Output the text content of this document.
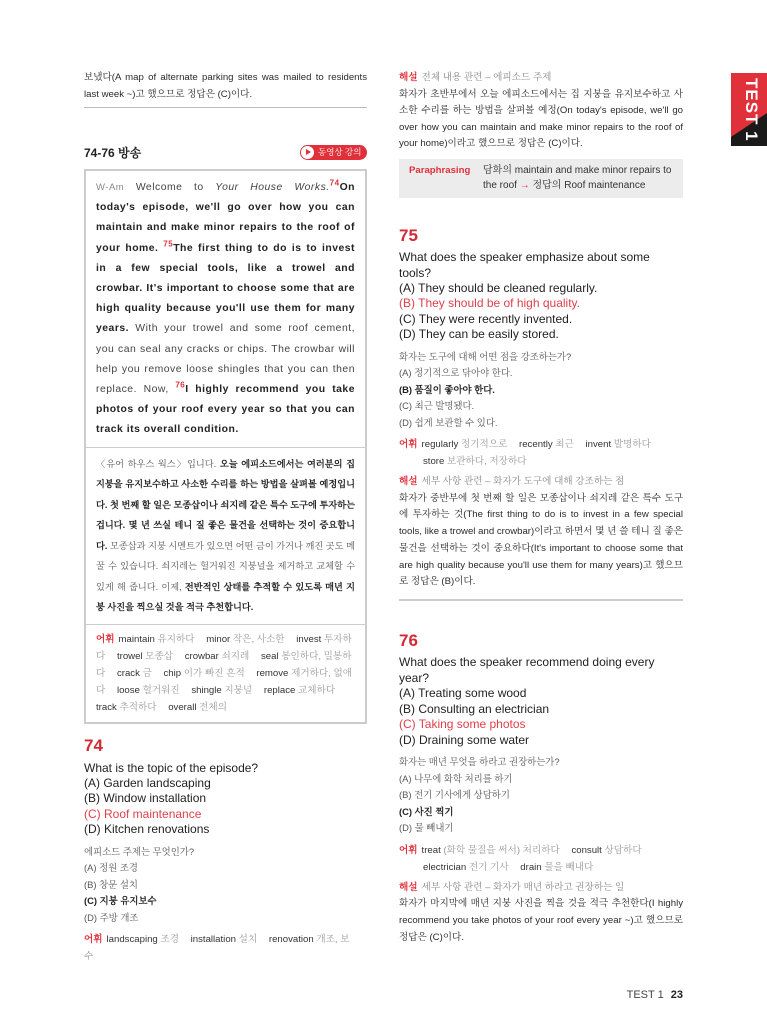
보냈다(A map of alternate parking sites was mailed to residents last week ~)고 했으므로 정답은 (C)이다.
74-76 방송	동영상 강의
W-Am Welcome to Your House Works.$^{74}$On today's episode, we'll go over how you can maintain and make minor repairs to the roof of your home. $^{75}$The first thing to do is to invest in a few special tools, like a trowel and crowbar. It's important to choose some that are high quality because you'll use them for many years. With your trowel and some roof cement, you can seal any cracks or chips. The crowbar will help you remove loose shingles that you can then replace. Now, $^{76}$I highly recommend you take photos of your roof every year so that you can track its overall condition.
〈유어 하우스 웍스〉입니다. 오늘 에피소드에서는 여러분의 집 지붕을 유지보수하고 사소한 수리를 하는 방법을 살펴볼 예정입니다. 첫 번째 할 일은 모종삽이나 쇠지레 같은 특수 도구에 투자하는 겁니다. 몇 년 쓰실 테니 질 좋은 물건을 선택하는 것이 중요합니다. 모종삽과 지붕 시멘트가 있으면 어떤 금이 가거나 깨진 곳도 메꿀 수 있습니다. 쇠지레는 헐거워진 지붕널을 제거하고 교체할 수 있게 해 줍니다. 이제, 전반적인 상태를 추적할 수 있도록 매년 지붕 사진을 찍으실 것을 적극 추천합니다.
어휘 maintain 유지하다 minor 작은, 사소한 invest 투자하다 trowel 모종삽 crowbar 쇠지레 seal 봉인하다, 밀봉하다 crack 금 chip 이가 빠진 흔적 remove 제거하다, 없애다 loose 헐거워진 shingle 지붕널 replace 교체하다 track 추적하다 overall 전체의
74
What is the topic of the episode?
(A) Garden landscaping
(B) Window installation
(C) Roof maintenance
(D) Kitchen renovations
에피소드 주제는 무엇인가?
(A) 정원 조경
(B) 창문 설치
(C) 지붕 유지보수
(D) 주방 개조
어휘 landscaping 조경 installation 설치 renovation 개조, 보수
해설 전체 내용 관련 – 에피소드 주제
화자가 초반부에서 오늘 에피소드에서는 집 지붕을 유지보수하고 사소한 수리를 하는 방법을 살펴볼 예정(On today's episode, we'll go over how you can maintain and make minor repairs to the roof of your home)이라고 했으므로 정답은 (C)이다.
Paraphrasing	담화의 maintain and make minor repairs to the roof → 정답의 Roof maintenance
75
What does the speaker emphasize about some tools?
(A) They should be cleaned regularly.
(B) They should be of high quality.
(C) They were recently invented.
(D) They can be easily stored.
화자는 도구에 대해 어떤 점을 강조하는가?
(A) 정기적으로 닦아야 한다.
(B) 품질이 좋아야 한다.
(C) 최근 발명됐다.
(D) 쉽게 보관할 수 있다.
어휘 regularly 정기적으로 recently 최근 invent 발명하다 store 보관하다, 저장하다
해설 세부 사항 관련 – 화자가 도구에 대해 강조하는 점
화자가 중반부에 첫 번째 할 일은 모종삽이나 쇠지레 같은 특수 도구에 투자하는 것(The first thing to do is to invest in a few special tools, like a trowel and crowbar)이라고 하면서 몇 년 쓸 테니 질 좋은 물건을 선택하는 것이 중요하다(It's important to choose some that are high quality because you'll use them for many years)고 했으므로 정답은 (B)이다.
76
What does the speaker recommend doing every year?
(A) Treating some wood
(B) Consulting an electrician
(C) Taking some photos
(D) Draining some water
화자는 매년 무엇을 하라고 권장하는가?
(A) 나무에 화학 처리를 하기
(B) 전기 기사에게 상담하기
(C) 사진 찍기
(D) 물 빼내기
어휘 treat (화학 물질을 써서) 처리하다 consult 상담하다 electrician 전기 기사 drain 물을 빼내다
해설 세부 사항 관련 – 화자가 매년 하라고 권장하는 일
화자가 마지막에 매년 지붕 사진을 찍을 것을 적극 추천한다(I highly recommend you take photos of your roof every year ~)고 했으므로 정답은 (C)이다.
TEST 1 23
TEST 1
